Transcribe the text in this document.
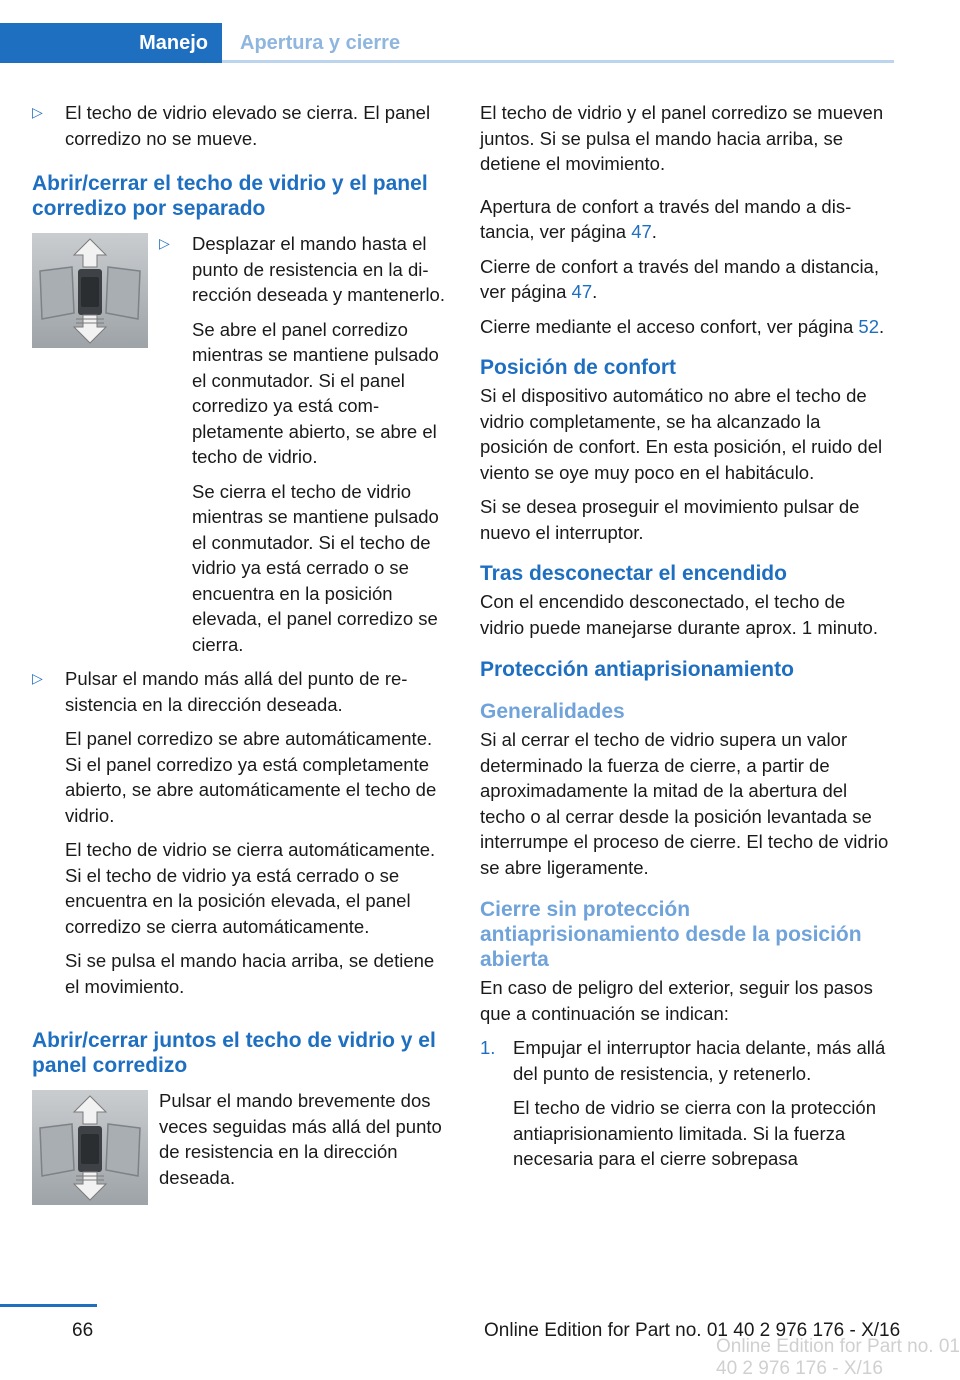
Manejo Apertura y cierre
▷	El techo de vidrio elevado se cierra. El panel corredizo no se mueve.
Abrir/cerrar el techo de vidrio y el panel corredizo por separado
▷	Desplazar el mando hasta el punto de resistencia en la dirección deseada y mantenerlo.

Se abre el panel corredizo mientras se mantiene pulsado el conmutador. Si el panel corredizo ya está completamente abierto, se abre el techo de vidrio.

Se cierra el techo de vidrio mientras se mantiene pulsado el conmutador. Si el techo de vidrio ya está cerrado o se encuentra en la posición elevada, el panel corredizo se cierra.

▷	Pulsar el mando más allá del punto de resistencia en la dirección deseada.

El panel corredizo se abre automáticamente. Si el panel corredizo ya está completamente abierto, se abre automáticamente el techo de vidrio.

El techo de vidrio se cierra automáticamente. Si el techo de vidrio ya está cerrado o se encuentra en la posición elevada, el panel corredizo se cierra automáticamente.

Si se pulsa el mando hacia arriba, se detiene el movimiento.

Abrir/cerrar juntos el techo de vidrio y el panel corredizo

Pulsar el mando brevemente dos veces seguidas más allá del punto de resistencia en la dirección deseada.

El techo de vidrio y el panel corredizo se mueven juntos. Si se pulsa el mando hacia arriba, se detiene el movimiento.

Apertura de confort a través del mando a distancia, ver página 47.

Cierre de confort a través del mando a distancia, ver página 47.

Cierre mediante el acceso confort, ver página 52.

Posición de confort

Si el dispositivo automático no abre el techo de vidrio completamente, se ha alcanzado la posición de confort. En esta posición, el ruido del viento se oye muy poco en el habitáculo.

Si se desea proseguir el movimiento pulsar de nuevo el interruptor.

Tras desconectar el encendido

Con el encendido desconectado, el techo de vidrio puede manejarse durante aprox. 1 minuto.

Protección antiaprisionamiento
Generalidades

Si al cerrar el techo de vidrio supera un valor determinado la fuerza de cierre, a partir de aproximadamente la mitad de la abertura del techo o al cerrar desde la posición levantada se interrumpe el proceso de cierre. El techo de vidrio se abre ligeramente.

Cierre sin protección antiaprisionamiento desde la posición abierta

En caso de peligro del exterior, seguir los pasos que a continuación se indican:

1. Empujar el interruptor hacia delante, más allá del punto de resistencia, y retenerlo.

El techo de vidrio se cierra con la protección antiaprisionamiento limitada. Si la fuerza necesaria para el cierre sobrepasa

66	Online Edition for Part no. 01 40 2 976 176 - X/16
Online Edition for Part no. 01 40 2 976 176 - X/16
